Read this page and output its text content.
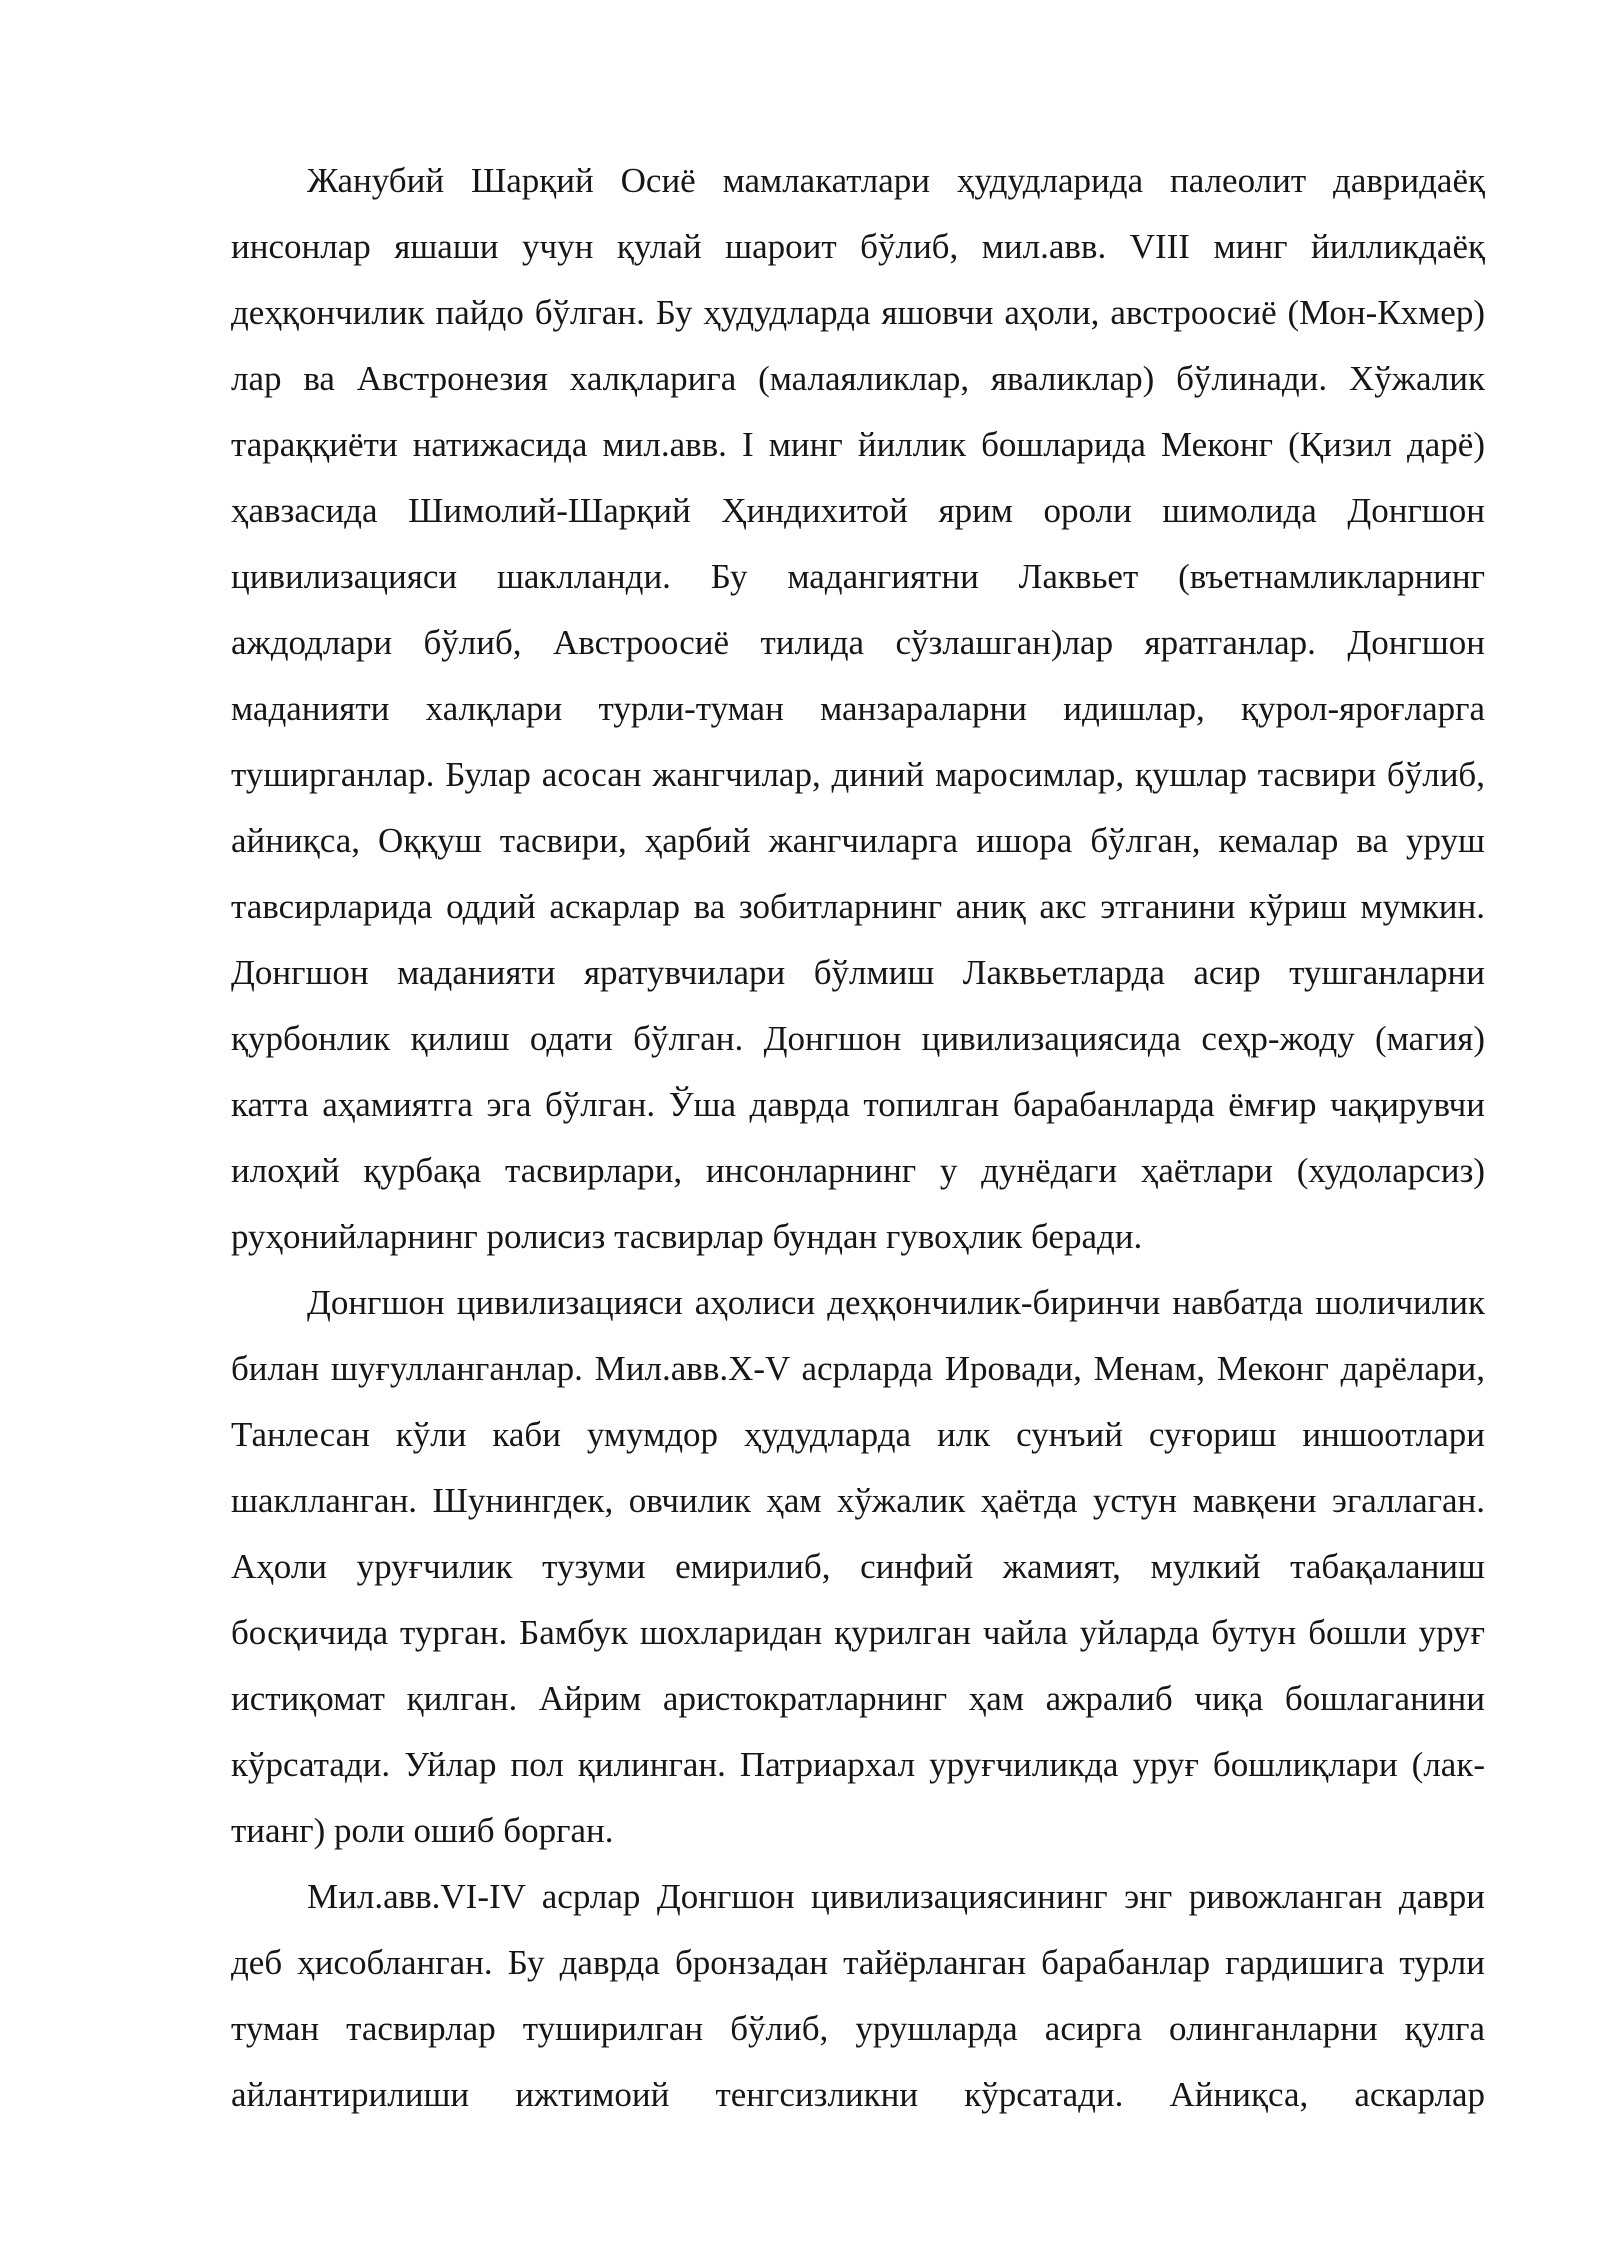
Жанубий Шарқий Осиё мамлакатлари ҳудудларида палеолит давридаёқ
инсонлар яшаши учун қулай шароит бўлиб, мил.авв. VIII минг йилликдаёқ
деҳқончилик пайдо бўлган. Бу ҳудудларда яшовчи аҳоли, австроосиё (Мон-Кхмер)
лар ва Австронезия халқларига (малаяликлар, яваликлар) бўлинади. Хўжалик
тараққиёти натижасида мил.авв. I минг йиллик бошларида Меконг (Қизил дарё)
ҳавзасида Шимолий-Шарқий Ҳиндихитой ярим ороли шимолида Донгшон
цивилизацияси шаклланди. Бу мадангиятни Лаквьет (въетнамликларнинг
аждодлари бўлиб, Австроосиё тилида сўзлашган)лар яратганлар. Донгшон
маданияти халқлари турли-туман манзараларни идишлар, қурол-яроғларга
туширганлар. Булар асосан жангчилар, диний маросимлар, қушлар тасвири бўлиб,
айниқса, Оққуш тасвири, ҳарбий жангчиларга ишора бўлган, кемалар ва уруш
тавсирларида оддий аскарлар ва зобитларнинг аниқ акс этганини кўриш мумкин.
Донгшон маданияти яратувчилари бўлмиш Лаквьетларда асир тушганларни
қурбонлик қилиш одати бўлган. Донгшон цивилизациясида сеҳр-жоду (магия)
катта аҳамиятга эга бўлган. Ўша даврда топилган барабанларда ёмғир чақирувчи
илоҳий қурбақа тасвирлари, инсонларнинг у дунёдаги ҳаётлари (худоларсиз)
руҳонийларнинг ролисиз тасвирлар бундан гувоҳлик беради.
Донгшон цивилизацияси аҳолиси деҳқончилик-биринчи навбатда шоличилик
билан шуғулланганлар. Мил.авв.X-V асрларда Ировади, Менам, Меконг дарёлари,
Танлесан кўли каби умумдор ҳудудларда илк сунъий суғориш иншоотлари
шаклланган. Шунингдек, овчилик ҳам хўжалик ҳаётда устун мавқени эгаллаган.
Аҳоли уруғчилик тузуми емирилиб, синфий жамият, мулкий табақаланиш
босқичида турган. Бамбук шохларидан қурилган чайла уйларда бутун бошли уруғ
истиқомат қилган. Айрим аристократларнинг ҳам ажралиб чиқа бошлаганини
кўрсатади. Уйлар пол қилинган. Патриархал уруғчиликда уруғ бошлиқлари (лак-
тианг) роли ошиб борган.
Мил.авв.VI-IV асрлар Донгшон цивилизациясининг энг ривожланган даври
деб ҳисобланган. Бу даврда бронзадан тайёрланган барабанлар гардишига турли
туман тасвирлар туширилган бўлиб, урушларда асирга олинганларни қулга
айлантирилиши ижтимоий тенгсизликни кўрсатади. Айниқса, аскарлар
